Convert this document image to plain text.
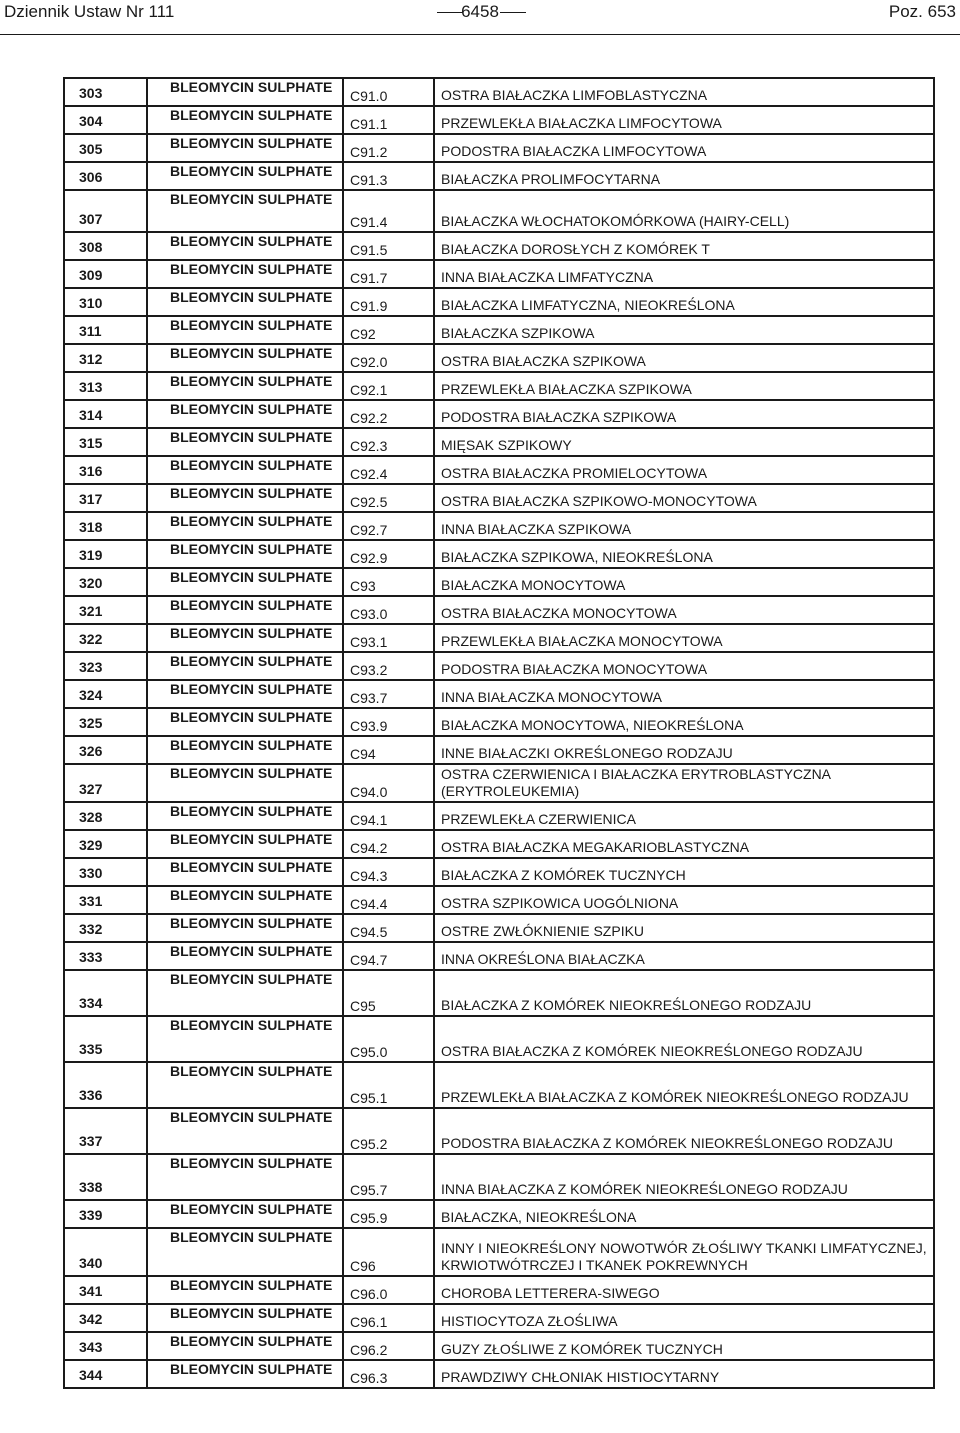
Dziennik Ustaw Nr 111	6458	Poz. 653
303	BLEOMYCIN SULPHATE	C91.0	OSTRA BIAŁACZKA LIMFOBLASTYCZNA

304	BLEOMYCIN SULPHATE	C91.1	PRZEWLEKŁA BIAŁACZKA LIMFOCYTOWA

305	BLEOMYCIN SULPHATE	C91.2	PODOSTRA BIAŁACZKA LIMFOCYTOWA

306	BLEOMYCIN SULPHATE	C91.3	BIAŁACZKA PROLIMFOCYTARNA

307	BLEOMYCIN SULPHATE	C91.4	BIAŁACZKA WŁOCHATOKOMÓRKOWA (HAIRY-CELL)

308	BLEOMYCIN SULPHATE	C91.5	BIAŁACZKA DOROSŁYCH Z KOMÓREK T

309	BLEOMYCIN SULPHATE	C91.7	INNA BIAŁACZKA LIMFATYCZNA

310	BLEOMYCIN SULPHATE	C91.9	BIAŁACZKA LIMFATYCZNA, NIEOKREŚLONA

311	BLEOMYCIN SULPHATE	C92	BIAŁACZKA SZPIKOWA

312	BLEOMYCIN SULPHATE	C92.0	OSTRA BIAŁACZKA SZPIKOWA

313	BLEOMYCIN SULPHATE	C92.1	PRZEWLEKŁA BIAŁACZKA SZPIKOWA

314	BLEOMYCIN SULPHATE	C92.2	PODOSTRA BIAŁACZKA SZPIKOWA

315	BLEOMYCIN SULPHATE	C92.3	MIĘSAK SZPIKOWY

316	BLEOMYCIN SULPHATE	C92.4	OSTRA BIAŁACZKA PROMIELOCYTOWA

317	BLEOMYCIN SULPHATE	C92.5	OSTRA BIAŁACZKA SZPIKOWO-MONOCYTOWA

318	BLEOMYCIN SULPHATE	C92.7	INNA BIAŁACZKA SZPIKOWA

319	BLEOMYCIN SULPHATE	C92.9	BIAŁACZKA SZPIKOWA, NIEOKREŚLONA

320	BLEOMYCIN SULPHATE	C93	BIAŁACZKA MONOCYTOWA

321	BLEOMYCIN SULPHATE	C93.0	OSTRA BIAŁACZKA MONOCYTOWA

322	BLEOMYCIN SULPHATE	C93.1	PRZEWLEKŁA BIAŁACZKA MONOCYTOWA

323	BLEOMYCIN SULPHATE	C93.2	PODOSTRA BIAŁACZKA MONOCYTOWA

324	BLEOMYCIN SULPHATE	C93.7	INNA BIAŁACZKA MONOCYTOWA

325	BLEOMYCIN SULPHATE	C93.9	BIAŁACZKA MONOCYTOWA, NIEOKREŚLONA

326	BLEOMYCIN SULPHATE	C94	INNE BIAŁACZKI OKREŚLONEGO RODZAJU

327	BLEOMYCIN SULPHATE	C94.0	OSTRA CZERWIENICA I BIAŁACZKA ERYTROBLASTYCZNA (ERYTROLEUKEMIA)

328	BLEOMYCIN SULPHATE	C94.1	PRZEWLEKŁA CZERWIENICA

329	BLEOMYCIN SULPHATE	C94.2	OSTRA BIAŁACZKA MEGAKARIOBLASTYCZNA

330	BLEOMYCIN SULPHATE	C94.3	BIAŁACZKA Z KOMÓREK TUCZNYCH

331	BLEOMYCIN SULPHATE	C94.4	OSTRA SZPIKOWICA UOGÓLNIONA

332	BLEOMYCIN SULPHATE	C94.5	OSTRE ZWŁÓKNIENIE SZPIKU

333	BLEOMYCIN SULPHATE	C94.7	INNA OKREŚLONA BIAŁACZKA

334	BLEOMYCIN SULPHATE	C95	BIAŁACZKA Z KOMÓREK NIEOKREŚLONEGO RODZAJU

335	BLEOMYCIN SULPHATE	C95.0	OSTRA BIAŁACZKA Z KOMÓREK NIEOKREŚLONEGO RODZAJU

336	BLEOMYCIN SULPHATE	C95.1	PRZEWLEKŁA BIAŁACZKA Z KOMÓREK NIEOKREŚLONEGO RODZAJU

337	BLEOMYCIN SULPHATE	C95.2	PODOSTRA BIAŁACZKA Z KOMÓREK NIEOKREŚLONEGO RODZAJU

338	BLEOMYCIN SULPHATE	C95.7	INNA BIAŁACZKA Z KOMÓREK NIEOKREŚLONEGO RODZAJU

339	BLEOMYCIN SULPHATE	C95.9	BIAŁACZKA, NIEOKREŚLONA

340	BLEOMYCIN SULPHATE	C96	INNY I NIEOKREŚLONY NOWOTWÓR ZŁOŚLIWY TKANKI LIMFATYCZNEJ, KRWIOTWÓTRCZEJ I TKANEK POKREWNYCH

341	BLEOMYCIN SULPHATE	C96.0	CHOROBA LETTERERA-SIWEGO

342	BLEOMYCIN SULPHATE	C96.1	HISTIOCYTOZA ZŁOŚLIWA

343	BLEOMYCIN SULPHATE	C96.2	GUZY ZŁOŚLIWE Z KOMÓREK TUCZNYCH

344	BLEOMYCIN SULPHATE	C96.3	PRAWDZIWY CHŁONIAK HISTIOCYTARNY
